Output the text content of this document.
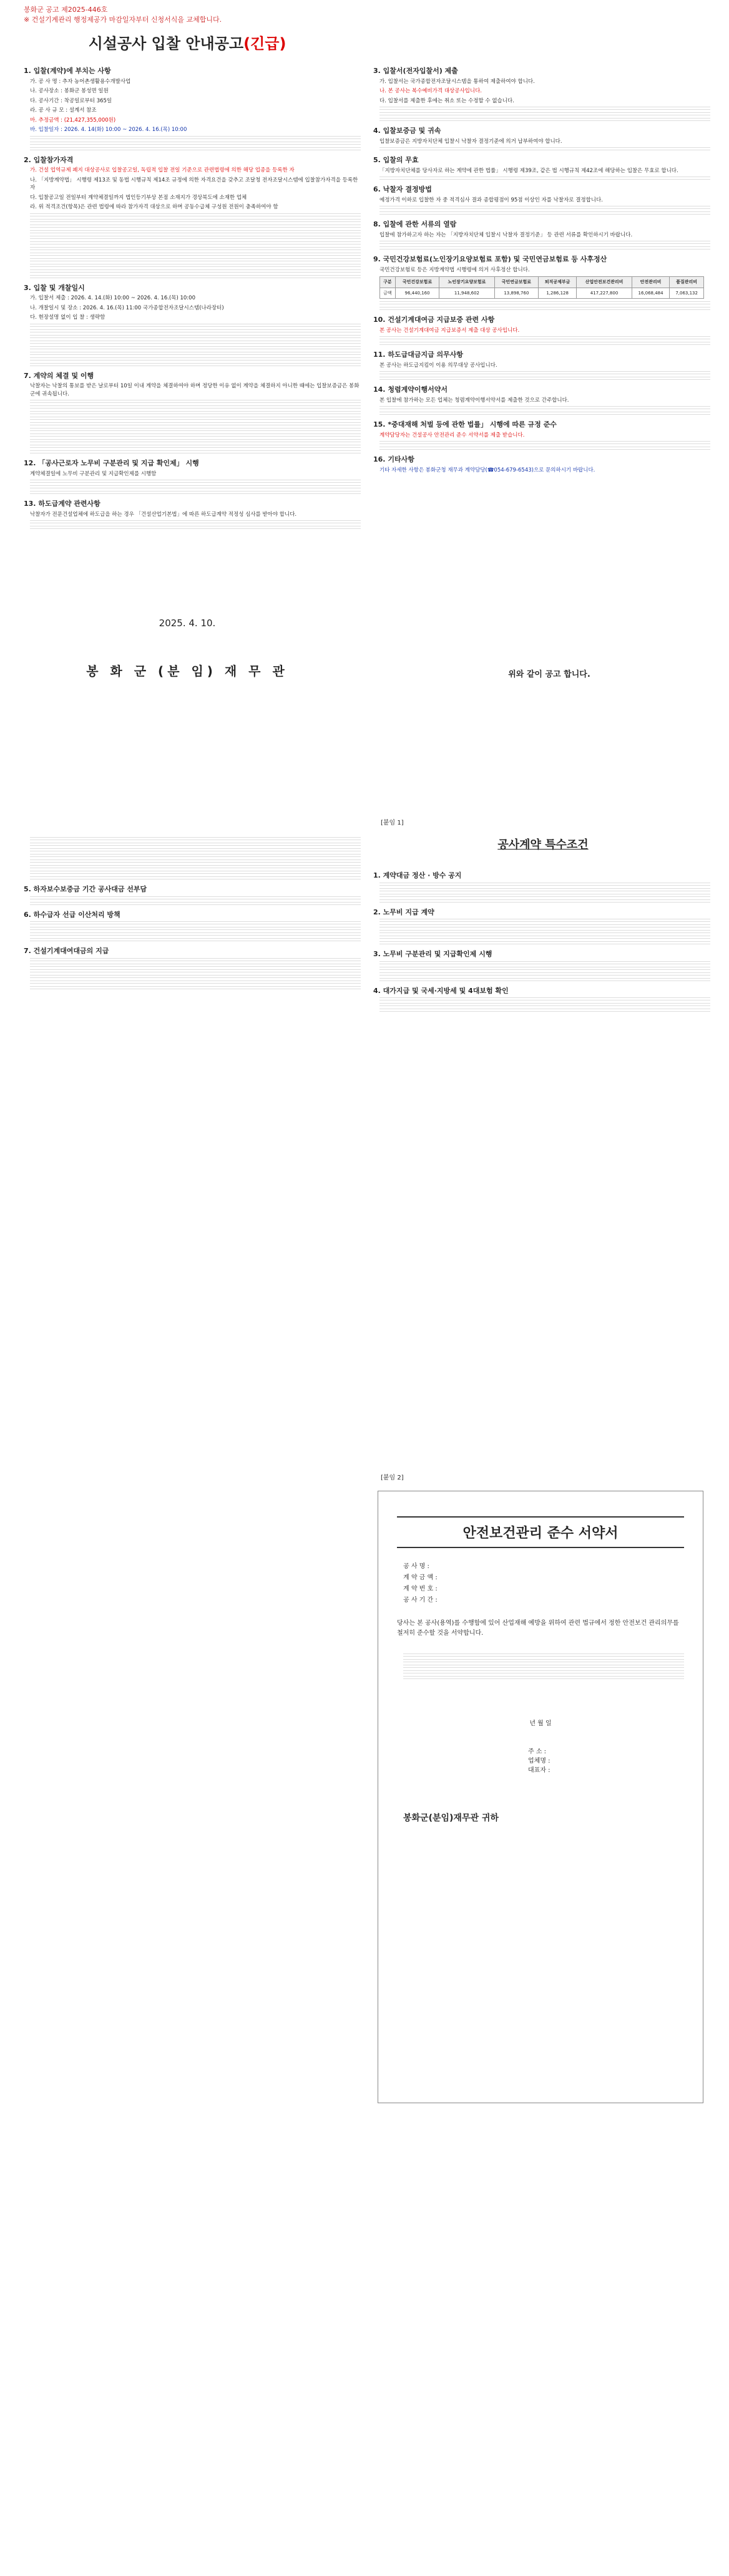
봉화군 공고 제2025-446호
※ 건설기계관리 행정제공가 마감일자부터 신청서식을 교체합니다.
시설공사 입찰 안내공고(긴급)
1. 입찰(계약)에 부치는 사항
가. 공 사 명 : 추자 농어촌생활용수개발사업
나. 공사장소 : 봉화군 봉성면 일원
다. 공사기간 : 착공일로부터 365일
라. 공 사 규 모 : 설계서 참조
마. 추정금액 : (21,427,355,000원)
바. 입찰일자 : 2026. 4. 14(화) 10:00 ~ 2026. 4. 16.(목) 10:00
2. 입찰참가자격
가. 건설 업역규제 폐지 대상공사로 입찰공고일, 독립적 입찰 전일 기준으로 관련법령에 의한 해당 업종을 등록한 자
나. 「지방계약법」 시행령 제13조 및 동법 시행규칙 제14조 규정에 의한 자격요건을 갖추고 조달청 전자조달시스템에 입찰참가자격을 등록한 자
다. 입찰공고일 전일부터 계약체결일까지 법인등기부상 본점 소재지가 경상북도에 소재한 업체
라. 위 적격조건(항목)은 관련 법령에 따라 참가자격 대상으로 하며 공동수급체 구성원 전원이 충족하여야 함
3. 입찰 및 개찰일시
가. 입찰서 제출 : 2026. 4. 14.(화) 10:00 ~ 2026. 4. 16.(목) 10:00
나. 개찰일시 및 장소 : 2026. 4. 16.(목) 11:00 국가종합전자조달시스템(나라장터)
다. 현장설명 없이 입 찰 : 생략함
7. 계약의 체결 및 이행
낙찰자는 낙찰의 통보를 받은 날로부터 10일 이내 계약을 체결하여야 하며 정당한 이유 없이 계약을 체결하지 아니한 때에는 입찰보증금은 봉화군에 귀속됩니다.
12. 「공사근로자 노무비 구분관리 및 지급 확인제」 시행
계약체결일에 노무비 구분관리 및 지급확인제를 시행함
13. 하도급계약 관련사항
낙찰자가 전문건설업체에 하도급을 하는 경우 「건설산업기본법」에 따른 하도급계약 적정성 심사를 받아야 합니다.
3. 입찰서(전자입찰서) 제출
가. 입찰서는 국가종합전자조달시스템을 통하여 제출하여야 합니다.
나. 본 공사는 복수예비가격 대상공사입니다.
다. 입찰서를 제출한 후에는 취소 또는 수정할 수 없습니다.
4. 입찰보증금 및 귀속
입찰보증금은 지방자치단체 입찰시 낙찰자 결정기준에 의거 납부하여야 합니다.
5. 입찰의 무효
「지방자치단체를 당사자로 하는 계약에 관한 법률」 시행령 제39조, 같은 법 시행규칙 제42조에 해당하는 입찰은 무효로 합니다.
6. 낙찰자 결정방법
예정가격 이하로 입찰한 자 중 적격심사 결과 종합평점이 95점 이상인 자를 낙찰자로 결정합니다.
8. 입찰에 관한 서류의 열람
입찰에 참가하고자 하는 자는 「지방자치단체 입찰시 낙찰자 결정기준」 등 관련 서류를 확인하시기 바랍니다.
9. 국민건강보험료(노인장기요양보험료 포함) 및 국민연금보험료 등 사후정산
국민건강보험료 등은 지방계약법 시행령에 의거 사후정산 합니다.
구분	국민건강보험료	노인장기요양보험료	국민연금보험료	퇴직공제부금	산업안전보건관리비	안전관리비	품질관리비
금액	96,440,160	11,948,602	13,898,760	1,286,128	417,227,800	16,068,484	7,063,132
10. 건설기계대여금 지급보증 관련 사항
본 공사는 건설기계대여금 지급보증서 제출 대상 공사입니다.
11. 하도급대금지급 의무사항
본 공사는 하도급지킴이 이용 의무대상 공사입니다.
14. 청렴계약이행서약서
본 입찰에 참가하는 모든 업체는 청렴계약이행서약서를 제출한 것으로 간주합니다.
15. *중대재해 처벌 등에 관한 법률」 시행에 따른 규정 준수
계약담당자는 건설공사 안전관리 준수 서약서를 제출 받습니다.
16. 기타사항
기타 자세한 사항은 봉화군청 재무과 계약담당(☎054-679-6543)으로 문의하시기 바랍니다.
2025. 4. 10.
봉 화 군 (분 임) 재 무 관	위와 같이 공고 합니다.
[붙임 1]
공사계약 특수조건
1. 계약대금 정산 · 방수 공지
2. 노무비 지급 계약
3. 노무비 구분관리 및 지급확인제 시행
4. 대가지급 및 국세·지방세 및 4대보험 확인
5. 하자보수보증금 기간 공사대금 선부담
6. 하수급자 선급 이산처리 방책
7. 건설기계대여대금의 지급
[붙임 2]
안전보건관리 준수 서약서
공 사 명 :
계 약 금 액 :
계 약 번 호 :
공 사 기 간 :
당사는 본 공사(용역)를 수행함에 있어 산업재해 예방을 위하여 관련 법규에서 정한 안전보건 관리의무를 철저히 준수할 것을 서약합니다.
년 월 일
주 소 :
업체명 :
대표자 :
봉화군(분임)재무관 귀하
